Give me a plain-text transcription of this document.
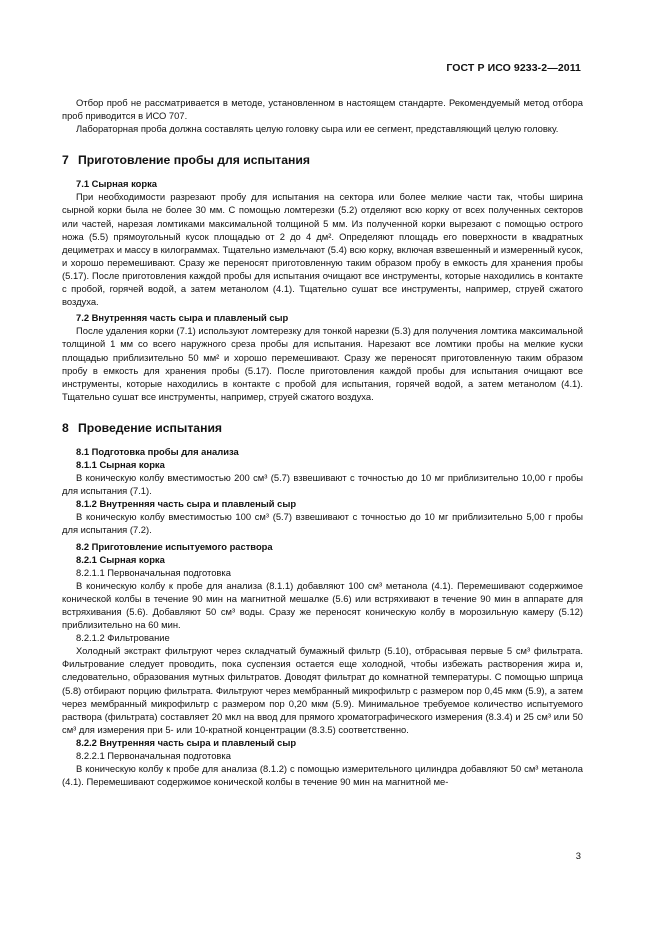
ГОСТ Р ИСО 9233-2—2011

Отбор проб не рассматривается в методе, установленном в настоящем стандарте. Рекомендуемый метод отбора проб приводится в ИСО 707.

Лабораторная проба должна составлять целую головку сыра или ее сегмент, представляющий целую головку.

7 Приготовление пробы для испытания

7.1 Сырная корка

При необходимости разрезают пробу для испытания на сектора или более мелкие части так, чтобы ширина сырной корки была не более 30 мм. С помощью ломтерезки (5.2) отделяют всю корку от всех полученных секторов или частей, нарезая ломтиками максимальной толщиной 5 мм. Из полученной корки вырезают с помощью острого ножа (5.5) прямоугольный кусок площадью от 2 до 4 дм². Определяют площадь его поверхности в квадратных дециметрах и массу в килограммах. Тщательно измельчают (5.4) всю корку, включая взвешенный и измеренный кусок, и хорошо перемешивают. Сразу же переносят приготовленную таким образом пробу в емкость для хранения пробы (5.17). После приготовления каждой пробы для испытания очищают все инструменты, которые находились в контакте с пробой, горячей водой, а затем метанолом (4.1). Тщательно сушат все инструменты, например, струей сжатого воздуха.

7.2 Внутренняя часть сыра и плавленый сыр

После удаления корки (7.1) используют ломтерезку для тонкой нарезки (5.3) для получения ломтика максимальной толщиной 1 мм со всего наружного среза пробы для испытания. Нарезают все ломтики пробы на мелкие куски площадью приблизительно 50 мм² и хорошо перемешивают. Сразу же переносят приготовленную таким образом пробу в емкость для хранения пробы (5.17). После приготовления каждой пробы для испытания очищают все инструменты, которые находились в контакте с пробой для испытания, горячей водой, а затем метанолом (4.1). Тщательно сушат все инструменты, например, струей сжатого воздуха.

8 Проведение испытания

8.1 Подготовка пробы для анализа

8.1.1 Сырная корка

В коническую колбу вместимостью 200 см³ (5.7) взвешивают с точностью до 10 мг приблизительно 10,00 г пробы для испытания (7.1).

8.1.2 Внутренняя часть сыра и плавленый сыр

В коническую колбу вместимостью 100 см³ (5.7) взвешивают с точностью до 10 мг приблизительно 5,00 г пробы для испытания (7.2).

8.2 Приготовление испытуемого раствора

8.2.1 Сырная корка

8.2.1.1 Первоначальная подготовка

В коническую колбу к пробе для анализа (8.1.1) добавляют 100 см³ метанола (4.1). Перемешивают содержимое конической колбы в течение 90 мин на магнитной мешалке (5.6) или встряхивают в течение 90 мин в аппарате для встряхивания (5.6). Добавляют 50 см³ воды. Сразу же переносят коническую колбу в морозильную камеру (5.12) приблизительно на 60 мин.

8.2.1.2 Фильтрование

Холодный экстракт фильтруют через складчатый бумажный фильтр (5.10), отбрасывая первые 5 см³ фильтрата. Фильтрование следует проводить, пока суспензия остается еще холодной, чтобы избежать растворения жира и, следовательно, образования мутных фильтратов. Доводят фильтрат до комнатной температуры. С помощью шприца (5.8) отбирают порцию фильтрата. Фильтруют через мембранный микрофильтр с размером пор 0,45 мкм (5.9), а затем через мембранный микрофильтр с размером пор 0,20 мкм (5.9). Минимальное требуемое количество испытуемого раствора (фильтрата) составляет 20 мкл на ввод для прямого хроматографического измерения (8.3.4) и 25 см³ или 50 см³ для измерения при 5- или 10-кратной концентрации (8.3.5) соответственно.

8.2.2 Внутренняя часть сыра и плавленый сыр

8.2.2.1 Первоначальная подготовка

В коническую колбу к пробе для анализа (8.1.2) с помощью измерительного цилиндра добавляют 50 см³ метанола (4.1). Перемешивают содержимое конической колбы в течение 90 мин на магнитной ме-

3
